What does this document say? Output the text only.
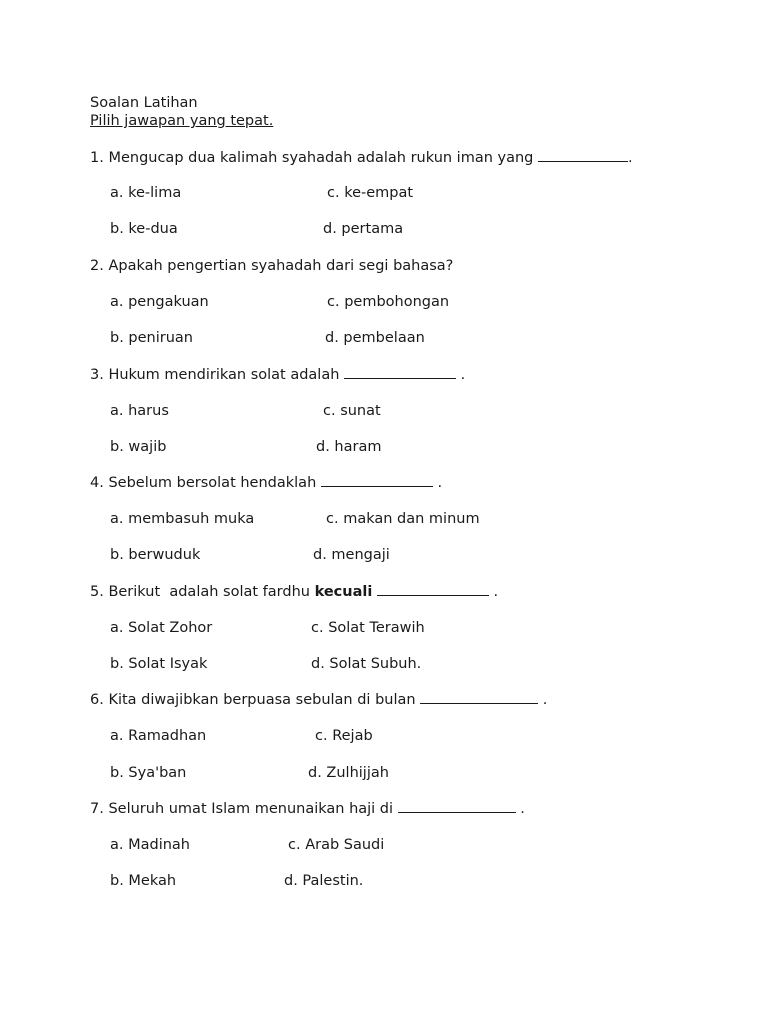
Soalan Latihan
Pilih jawapan yang tepat.
1. Mengucap dua kalimah syahadah adalah rukun iman yang	.
a. ke-lima	c. ke-empat
b. ke-dua	d. pertama
2. Apakah pengertian syahadah dari segi bahasa?
a. pengakuan	c. pembohongan
b. peniruan	d. pembelaan
3. Hukum mendirikan solat adalah	.
a. harus	c. sunat
b. wajib	d. haram
4. Sebelum bersolat hendaklah	.
a. membasuh muka	c. makan dan minum
b. berwuduk	d. mengaji
5. Berikut  adalah solat fardhu kecuali	.
a. Solat Zohor	c. Solat Terawih
b. Solat Isyak	d. Solat Subuh.
6. Kita diwajibkan berpuasa sebulan di bulan	.
a. Ramadhan	c. Rejab
b. Sya'ban	d. Zulhijjah
7. Seluruh umat Islam menunaikan haji di	.
a. Madinah	c. Arab Saudi
b. Mekah	d. Palestin.
